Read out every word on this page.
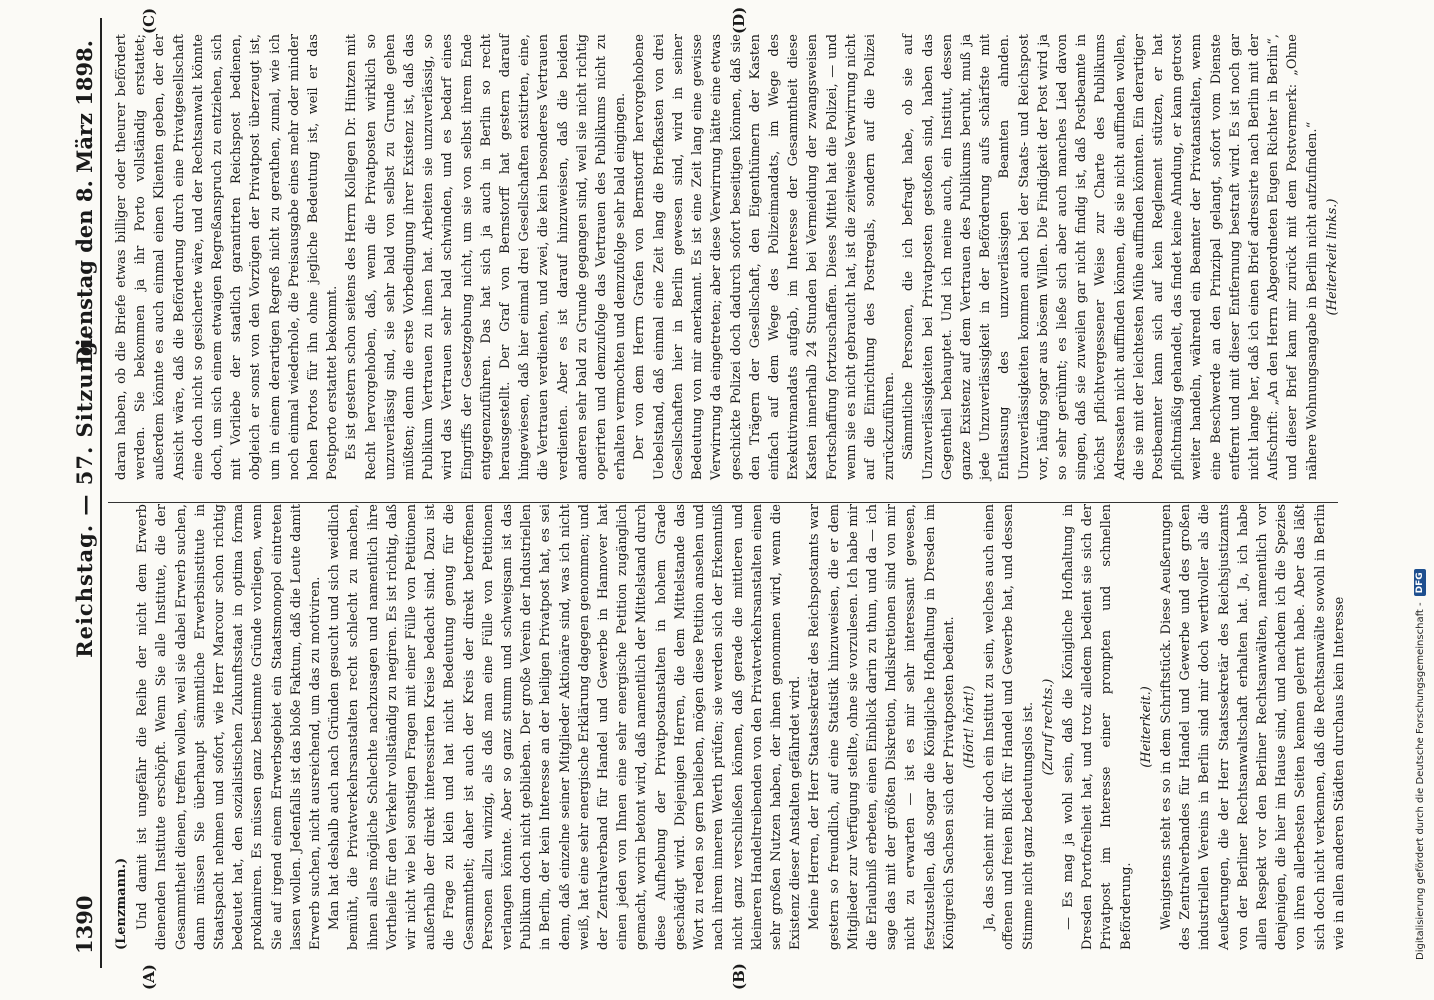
1390
Reichstag. — 57. Sitzung.
Dienstag den 8. März 1898.
(A)	(B)
(C)	(D)
(Lenzmann.) Und damit ist ungefähr die Reihe der nicht dem Erwerb dienenden Institute erschöpft. Wenn Sie alle Institute, die der Gesammtheit dienen, treffen wollen, weil sie dabei Erwerb suchen, dann müssen Sie überhaupt sämmtliche Erwerbsinstitute in Staatspacht nehmen und sofort, wie Herr Marcour schon richtig bedeutet hat, den sozialistischen Zukunftsstaat in optima forma proklamiren. Es müssen ganz bestimmte Gründe vorliegen, wenn Sie auf irgend einem Erwerbsgebiet ein Staatsmonopol eintreten lassen wollen. Jedenfalls ist das bloße Faktum, daß die Leute damit Erwerb suchen, nicht ausreichend, um das zu motiviren. Man hat deshalb auch nach Gründen gesucht und sich weidlich bemüht, die Privatverkehrsanstalten recht schlecht zu machen, ihnen alles mögliche Schlechte nachzusagen und namentlich ihre Vortheile für den Verkehr vollständig zu negiren. Es ist richtig, daß wir nicht wie bei sonstigen Fragen mit einer Fülle von Petitionen außerhalb der direkt interessirten Kreise bedacht sind. Dazu ist die Frage zu klein und hat nicht Bedeutung genug für die Gesammtheit; daher ist auch der Kreis der direkt betroffenen Personen allzu winzig, als daß man eine Fülle von Petitionen verlangen könnte. Aber so ganz stumm und schweigsam ist das Publikum doch nicht geblieben. Der große Verein der Industriellen in Berlin, der kein Interesse an der heiligen Privatpost hat, es sei denn, daß einzelne seiner Mitglieder Aktionäre sind, was ich nicht weiß, hat eine sehr energische Erklärung dagegen genommen; und der Zentralverband für Handel und Gewerbe in Hannover hat einen jeden von Ihnen eine sehr energische Petition zugänglich gemacht, worin betont wird, daß namentlich der Mittelstand durch diese Aufhebung der Privatpostanstalten in hohem Grade geschädigt wird. Diejenigen Herren, die dem Mittelstande das Wort zu reden so gern belieben, mögen diese Petition ansehen und nach ihrem inneren Werth prüfen; sie werden sich der Erkenntniß nicht ganz verschließen können, daß gerade die mittleren und kleineren Handeltreibenden von den Privatverkehrsanstalten einen sehr großen Nutzen haben, der ihnen genommen wird, wenn die Existenz dieser Anstalten gefährdet wird. Meine Herren, der Herr Staatssekretär des Reichspostamts war gestern so freundlich, auf eine Statistik hinzuweisen, die er dem Mitglieder zur Verfügung stellte, ohne sie vorzulesen. Ich habe mir die Erlaubniß erbeten, einen Einblick darin zu thun, und da — ich sage das mit der größten Diskretion, Indiskretionen sind von mir nicht zu erwarten — ist es mir sehr interessant gewesen, festzustellen, daß sogar die Königliche Hofhaltung in Dresden im Königreich Sachsen sich der Privatposten bedient. (Hört! hört!) Ja, das scheint mir doch ein Institut zu sein, welches auch einen offenen und freien Blick für Handel und Gewerbe hat, und dessen Stimme nicht ganz bedeutungslos ist. (Zuruf rechts.) — Es mag ja wohl sein, daß die Königliche Hofhaltung in Dresden Portofreiheit hat, und trotz alledem bedient sie sich der Privatpost im Interesse einer prompten und schnellen Beförderung.

(Heiterkeit.) Wenigstens steht es so in dem Schriftstück. Diese Aeußerungen des Zentralverbandes für Handel und Gewerbe und des großen industriellen Vereins in Berlin sind mir doch werthvoller als die Aeußerungen, die der Herr Staatssekretär des Reichsjustizamts von der Berliner Rechtsanwaltschaft erhalten hat. Ja, ich habe allen Respekt vor den Berliner Rechtsanwälten, namentlich vor denjenigen, die hier im Hause sind, und nachdem ich die Spezies von ihren allerbesten Seiten kennen gelernt habe. Aber das läßt sich doch nicht verkennen, daß die Rechtsanwälte sowohl in Berlin wie in allen anderen Städten durchaus kein Interesse

daran haben, ob die Briefe etwas billiger oder theurer befördert werden. Sie bekommen ja ihr Porto vollständig erstattet; außerdem könnte es auch einmal einen Klienten geben, der der Ansicht wäre, daß die Beförderung durch eine Privatgesellschaft eine doch nicht so gesicherte wäre, und der Rechtsanwalt könnte doch, um sich einem etwaigen Regreßanspruch zu entziehen, sich mit Vorliebe der staatlich garantirten Reichspost bedienen, obgleich er sonst von den Vorzügen der Privatpost überzeugt ist, um in einem derartigen Regreß nicht zu gerathen, zumal, wie ich noch einmal wiederhole, die Preisausgabe eines mehr oder minder hohen Portos für ihn ohne jegliche Bedeutung ist, weil er das Postporto erstattet bekommt. Es ist gestern schon seitens des Herrn Kollegen Dr. Hintzen mit Recht hervorgehoben, daß, wenn die Privatposten wirklich so unzuverlässig sind, sie sehr bald von selbst zu Grunde gehen müßten; denn die erste Vorbedingung ihrer Existenz ist, daß das Publikum Vertrauen zu ihnen hat. Arbeiten sie unzuverlässig, so wird das Vertrauen sehr bald schwinden, und es bedarf eines Eingriffs der Gesetzgebung nicht, um sie von selbst ihrem Ende entgegenzuführen. Das hat sich ja auch in Berlin so recht herausgestellt. Der Graf von Bernstorff hat gestern darauf hingewiesen, daß hier einmal drei Gesellschaften existirten, eine, die Vertrauen verdienten, und zwei, die kein besonderes Vertrauen verdienten. Aber es ist darauf hinzuweisen, daß die beiden anderen sehr bald zu Grunde gegangen sind, weil sie nicht richtig operirten und demzufolge das Vertrauen des Publikums nicht zu erhalten vermochten und demzufolge sehr bald eingingen. Der von dem Herrn Grafen von Bernstorff hervorgehobene Uebelstand, daß einmal eine Zeit lang die Briefkasten von drei Gesellschaften hier in Berlin gewesen sind, wird in seiner Bedeutung von mir anerkannt. Es ist eine Zeit lang eine gewisse Verwirrung da eingetreten; aber diese Verwirrung hätte eine etwas geschickte Polizei doch dadurch sofort beseitigen können, daß sie den Trägern der Gesellschaft, den Eigenthümern der Kasten einfach auf dem Wege des Polizeimandats, im Wege des Exekutivmandats aufgab, im Interesse der Gesammtheit diese Kasten innerhalb 24 Stunden bei Vermeidung der zwangsweisen Fortschaffung fortzuschaffen. Dieses Mittel hat die Polizei, — und wenn sie es nicht gebraucht hat, ist die zeitweise Verwirrung nicht auf die Einrichtung des Postregals, sondern auf die Polizei zurückzuführen. Sämmtliche Personen, die ich befragt habe, ob sie auf Unzuverlässigkeiten bei Privatposten gestoßen sind, haben das Gegentheil behauptet. Und ich meine auch, ein Institut, dessen ganze Existenz auf dem Vertrauen des Publikums beruht, muß ja jede Unzuverlässigkeit in der Beförderung aufs schärfste mit Entlassung des unzuverlässigen Beamten ahnden. Unzuverlässigkeiten kommen auch bei der Staats- und Reichspost vor, häufig sogar aus bösem Willen. Die Findigkeit der Post wird ja so sehr gerühmt; es ließe sich aber auch manches Lied davon singen, daß sie zuweilen gar nicht findig ist, daß Postbeamte in höchst pflichtvergessener Weise zur Charte des Publikums Adressaten nicht auffinden können, die sie nicht auffinden wollen, die sie mit der leichtesten Mühe auffinden könnten. Ein derartiger Postbeamter kann sich auf kein Reglement stützen, er hat pflichtmäßig gehandelt, das findet keine Ahndung, er kann getrost weiter handeln, während ein Beamter der Privatanstalten, wenn eine Beschwerde an den Prinzipal gelangt, sofort vom Dienste entfernt und mit dieser Entfernung bestraft wird. Es ist noch gar nicht lange her, daß ich einen Brief adressirte nach Berlin mit der Aufschrift: „An den Herrn Abgeordneten Eugen Richter in Berlin“, und dieser Brief kam mir zurück mit dem Postvermerk: „Ohne nähere Wohnungsangabe in Berlin nicht aufzufinden.“ (Heiterkeit links.)
Digitalisierung gefördert durch die Deutsche Forschungsgemeinschaft -
DFG
